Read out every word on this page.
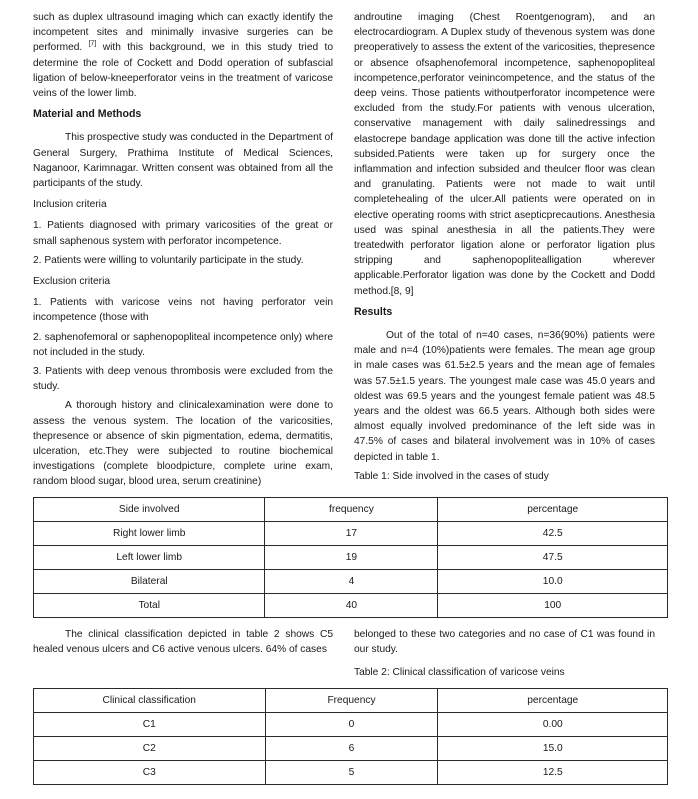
such as duplex ultrasound imaging which can exactly identify the incompetent sites and minimally invasive surgeries can be performed. [7] with this background, we in this study tried to determine the role of Cockett and Dodd operation of subfascial ligation of below-kneeperforator veins in the treatment of varicose veins of the lower limb.

Material and Methods

This prospective study was conducted in the Department of General Surgery, Prathima Institute of Medical Sciences, Naganoor, Karimnagar. Written consent was obtained from all the participants of the study.

Inclusion criteria

1. Patients diagnosed with primary varicosities of the great or small saphenous system with perforator incompetence.

2. Patients were willing to voluntarily participate in the study.

Exclusion criteria

1. Patients with varicose veins not having perforator vein incompetence (those with

2. saphenofemoral or saphenopopliteal incompetence only) where not included in the study.

3. Patients with deep venous thrombosis were excluded from the study.

A thorough history and clinicalexamination were done to assess the venous system. The location of the varicosities, thepresence or absence of skin pigmentation, edema, dermatitis, ulceration, etc.They were subjected to routine biochemical investigations (complete bloodpicture, complete urine exam, random blood sugar, blood urea, serum creatinine)

androutine imaging (Chest Roentgenogram), and an electrocardiogram. A Duplex study of thevenous system was done preoperatively to assess the extent of the varicosities, thepresence or absence ofsaphenofemoral incompetence, saphenopopliteal incompetence,perforator veinincompetence, and the status of the deep veins. Those patients withoutperforator incompetence were excluded from the study.For patients with venous ulceration, conservative management with daily salinedressings and elastocrepe bandage application was done till the active infection subsided.Patients were taken up for surgery once the inflammation and infection subsided and theulcer floor was clean and granulating. Patients were not made to wait until completehealing of the ulcer.All patients were operated on in elective operating rooms with strict asepticprecautions. Anesthesia used was spinal anesthesia in all the patients.They were treatedwith perforator ligation alone or perforator ligation plus stripping and saphenopoplitealligation wherever applicable.Perforator ligation was done by the Cockett and Dodd method.[8, 9]

Results

Out of the total of n=40 cases, n=36(90%) patients were male and n=4 (10%)patients were females. The mean age group in male cases was 61.5±2.5 years and the mean age of females was 57.5±1.5 years. The youngest male case was 45.0 years and oldest was 69.5 years and the youngest female patient was 48.5 years and the oldest was 66.5 years. Although both sides were almost equally involved predominance of the left side was in 47.5% of cases and bilateral involvement was in 10% of cases depicted in table 1.

Table 1: Side involved in the cases of study

Side involved	frequency	percentage
Right lower limb	17	42.5
Left lower limb	19	47.5
Bilateral	4	10.0
Total	40	100

The clinical classification depicted in table 2 shows C5 healed venous ulcers and C6 active venous ulcers. 64% of cases

belonged to these two categories and no case of C1 was found in our study.

Table 2: Clinical classification of varicose veins

Clinical classification	Frequency	percentage
C1	0	0.00
C2	6	15.0
C3	5	12.5
